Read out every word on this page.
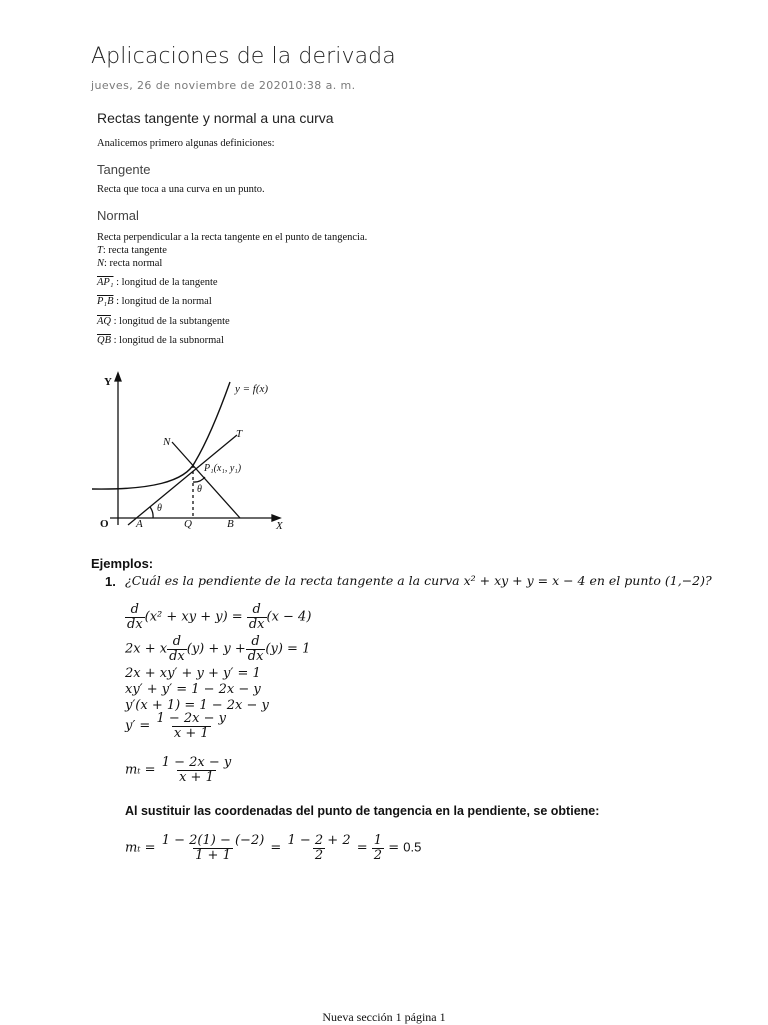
Aplicaciones de la derivada
jueves, 26 de noviembre de 2020 10:38 a. m.
Rectas tangente y normal a una curva
Analicemos primero algunas definiciones:
Tangente
Recta que toca a una curva en un punto.
Normal
Recta perpendicular a la recta tangente en el punto de tangencia.
T: recta tangente
N: recta normal
AP₁ : longitud de la tangente
P₁B : longitud de la normal
$\overline{AQ}$ : longitud de la subtangente
$\overline{QB}$ : longitud de la subnormal
Y
X
O
y = f(x)
T
N
P₁(x₁, y₁)
θ
θ
A	Q	B
Ejemplos:
1. ¿Cuál es la pendiente de la recta tangente a la curva x² + xy + y = x − 4 en el punto (1,−2)?
$\frac{d}{dx} (x^2$ + xy + $y) = \frac{d}{dx} (x - 4)$
2x + x $\frac{d}{dx} (y) + y + \frac{d}{dx} (y) = 1$
2x + xy′ + y + y′ = 1
xy′ + y′ = 1 − 2x − y
y′(x + 1) = 1 − 2x − y
$y' = \frac{1 - 2x - y}{x + 1}$
$m_t = \frac{1 - 2x - y}{x + 1}$
Al sustituir las coordenadas del punto de tangencia en la pendiente, se obtiene:
$m_t = \frac{1 - 2(1) - (-2)}{1 + 1} = \frac{1 - 2 + 2}{2} = \frac{1}{2} = 0.5$
Nueva sección 1 página 1
